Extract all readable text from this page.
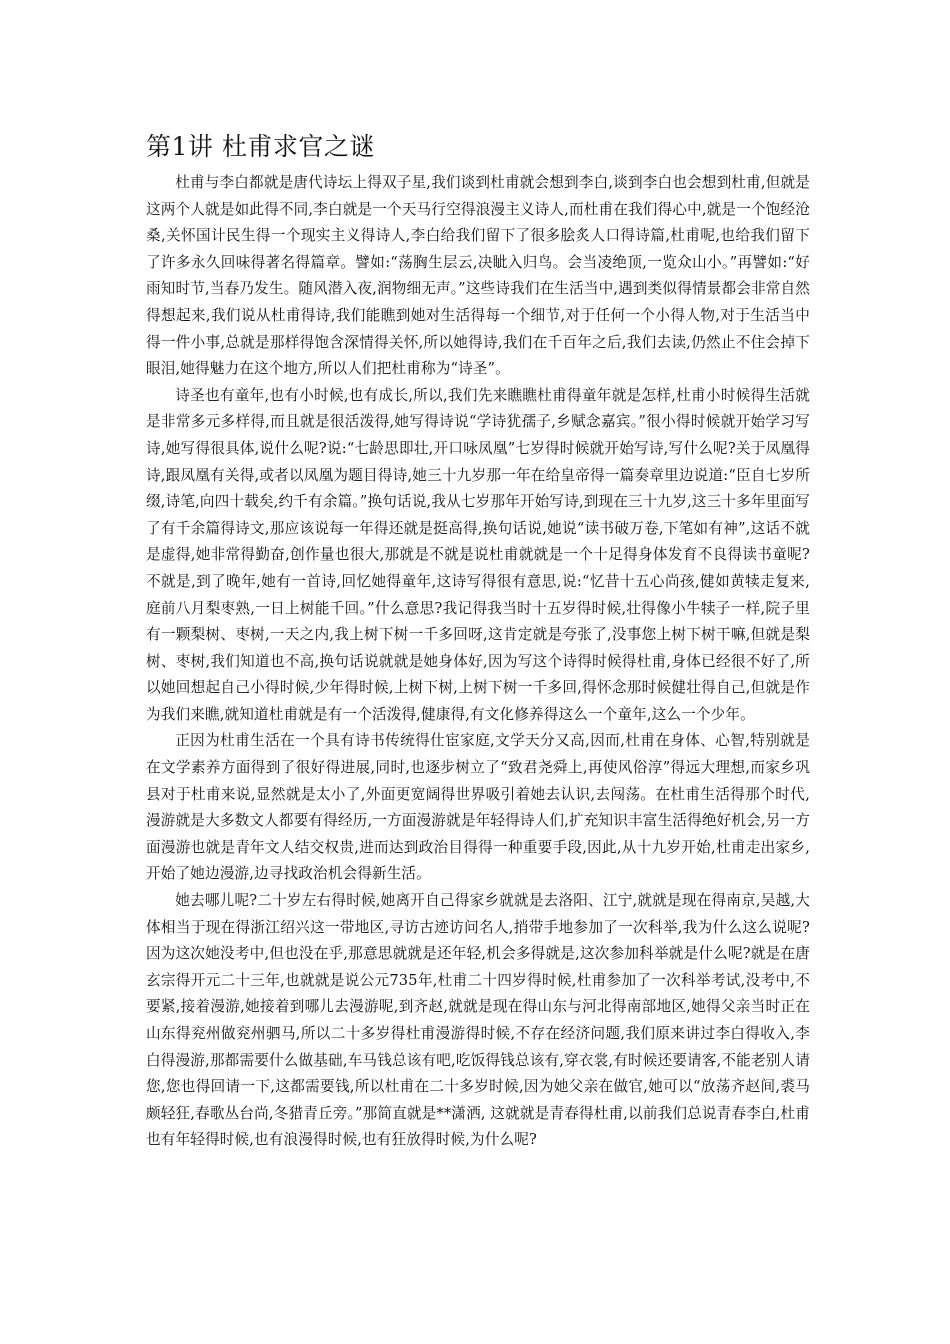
第1讲 杜甫求官之谜

杜甫与李白都就是唐代诗坛上得双子星,我们谈到杜甫就会想到李白,谈到李白也会想到杜甫,但就是这两个人就是如此得不同,李白就是一个天马行空得浪漫主义诗人,而杜甫在我们得心中,就是一个饱经沧桑,关怀国计民生得一个现实主义得诗人,李白给我们留下了很多脍炙人口得诗篇,杜甫呢,也给我们留下了许多永久回味得著名得篇章。譬如:“荡胸生层云,决眦入归鸟。会当凌绝顶,一览众山小。”再譬如:“好雨知时节,当春乃发生。随风潜入夜,润物细无声。”这些诗我们在生活当中,遇到类似得情景都会非常自然得想起来,我们说从杜甫得诗,我们能瞧到她对生活得每一个细节,对于任何一个小得人物,对于生活当中得一件小事,总就是那样得饱含深情得关怀,所以她得诗,我们在千百年之后,我们去读,仍然止不住会掉下眼泪,她得魅力在这个地方,所以人们把杜甫称为“诗圣”。

诗圣也有童年,也有小时候,也有成长,所以,我们先来瞧瞧杜甫得童年就是怎样,杜甫小时候得生活就是非常多元多样得,而且就是很活泼得,她写得诗说“学诗犹孺子,乡赋念嘉宾。”很小得时候就开始学习写诗,她写得很具体,说什么呢?说:“七龄思即壮,开口咏凤凰”七岁得时候就开始写诗,写什么呢?关于凤凰得诗,跟凤凰有关得,或者以凤凰为题目得诗,她三十九岁那一年在给皇帝得一篇奏章里边说道:“臣自七岁所缀,诗笔,向四十载矣,约千有余篇。”换句话说,我从七岁那年开始写诗,到现在三十九岁,这三十多年里面写了有千余篇得诗文,那应该说每一年得还就是挺高得,换句话说,她说“读书破万卷,下笔如有神”,这话不就是虚得,她非常得勤奋,创作量也很大,那就是不就是说杜甫就就是一个十足得身体发育不良得读书童呢?不就是,到了晚年,她有一首诗,回忆她得童年,这诗写得很有意思,说:“忆昔十五心尚孩,健如黄犊走复来,庭前八月梨枣熟,一日上树能千回。”什么意思?我记得我当时十五岁得时候,壮得像小牛犊子一样,院子里有一颗梨树、枣树,一天之内,我上树下树一千多回呀,这肯定就是夸张了,没事您上树下树干嘛,但就是梨树、枣树,我们知道也不高,换句话说就就是她身体好,因为写这个诗得时候得杜甫,身体已经很不好了,所以她回想起自己小得时候,少年得时候,上树下树,上树下树一千多回,得怀念那时候健壮得自己,但就是作为我们来瞧,就知道杜甫就是有一个活泼得,健康得,有文化修养得这么一个童年,这么一个少年。

正因为杜甫生活在一个具有诗书传统得仕宦家庭,文学天分又高,因而,杜甫在身体、心智,特别就是在文学素养方面得到了很好得进展,同时,也逐步树立了“致君尧舜上,再使风俗淳”得远大理想,而家乡巩县对于杜甫来说,显然就是太小了,外面更宽阔得世界吸引着她去认识,去闯荡。在杜甫生活得那个时代,漫游就是大多数文人都要有得经历,一方面漫游就是年轻得诗人们,扩充知识丰富生活得绝好机会,另一方面漫游也就是青年文人结交权贵,进而达到政治目得得一种重要手段,因此,从十九岁开始,杜甫走出家乡,开始了她边漫游,边寻找政治机会得新生活。

她去哪儿呢?二十岁左右得时候,她离开自己得家乡就就是去洛阳、江宁,就就是现在得南京,吴越,大体相当于现在得浙江绍兴这一带地区,寻访古迹访问名人,捎带手地参加了一次科举,我为什么这么说呢?因为这次她没考中,但也没在乎,那意思就就是还年轻,机会多得就是,这次参加科举就是什么呢?就是在唐玄宗得开元二十三年,也就就是说公元735年,杜甫二十四岁得时候,杜甫参加了一次科举考试,没考中,不要紧,接着漫游,她接着到哪儿去漫游呢,到齐赵,就就是现在得山东与河北得南部地区,她得父亲当时正在山东得兖州做兖州驷马,所以二十多岁得杜甫漫游得时候,不存在经济问题,我们原来讲过李白得收入,李白得漫游,那都需要什么做基础,车马钱总该有吧,吃饭得钱总该有,穿衣裳,有时候还要请客,不能老别人请您,您也得回请一下,这都需要钱,所以杜甫在二十多岁时候,因为她父亲在做官,她可以“放荡齐赵间,裘马颇轻狂,春歌丛台尚,冬猎青丘旁。”那简直就是**潇洒, 这就就是青春得杜甫,以前我们总说青春李白,杜甫也有年轻得时候,也有浪漫得时候,也有狂放得时候,为什么呢?
